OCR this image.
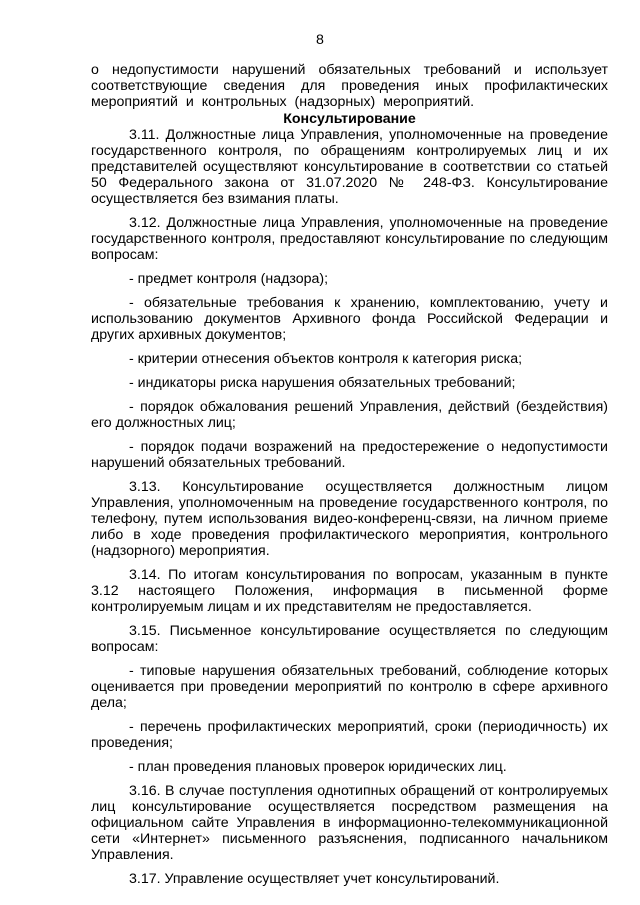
8

о недопустимости нарушений обязательных требований и использует соответствующие сведения для проведения иных профилактических мероприятий и контрольных (надзорных) мероприятий.

Консультирование

3.11. Должностные лица Управления, уполномоченные на проведение государственного контроля, по обращениям контролируемых лиц и их представителей осуществляют консультирование в соответствии со статьей 50 Федерального закона от 31.07.2020 № 248-ФЗ. Консультирование осуществляется без взимания платы.

3.12. Должностные лица Управления, уполномоченные на проведение государственного контроля, предоставляют консультирование по следующим вопросам:

- предмет контроля (надзора);

- обязательные требования к хранению, комплектованию, учету и использованию документов Архивного фонда Российской Федерации и других архивных документов;

- критерии отнесения объектов контроля к категория риска;

- индикаторы риска нарушения обязательных требований;

- порядок обжалования решений Управления, действий (бездействия) его должностных лиц;

- порядок подачи возражений на предостережение о недопустимости нарушений обязательных требований.

3.13. Консультирование осуществляется должностным лицом Управления, уполномоченным на проведение государственного контроля, по телефону, путем использования видео-конференц-связи, на личном приеме либо в ходе проведения профилактического мероприятия, контрольного (надзорного) мероприятия.

3.14. По итогам консультирования по вопросам, указанным в пункте 3.12 настоящего Положения, информация в письменной форме контролируемым лицам и их представителям не предоставляется.

3.15. Письменное консультирование осуществляется по следующим вопросам:

- типовые нарушения обязательных требований, соблюдение которых оценивается при проведении мероприятий по контролю в сфере архивного дела;

- перечень профилактических мероприятий, сроки (периодичность) их проведения;

- план проведения плановых проверок юридических лиц.

3.16. В случае поступления однотипных обращений от контролируемых лиц консультирование осуществляется посредством размещения на официальном сайте Управления в информационно-телекоммуникационной сети «Интернет» письменного разъяснения, подписанного начальником Управления.

3.17. Управление осуществляет учет консультирований.
